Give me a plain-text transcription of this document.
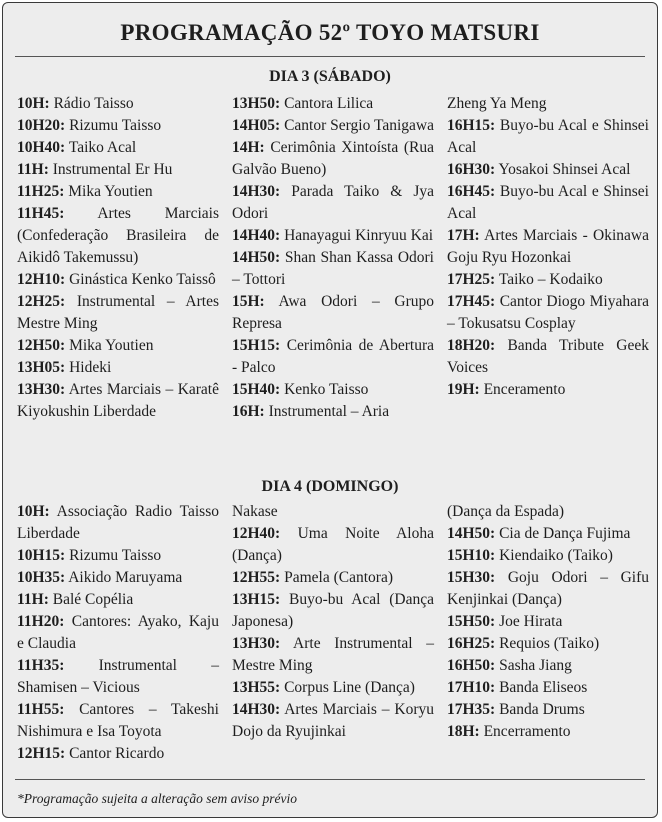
PROGRAMAÇÃO 52º TOYO MATSURI
DIA 3 (SÁBADO)
10H: Rádio Taisso
10H20: Rizumu Taisso
10H40: Taiko Acal
11H: Instrumental Er Hu
11H25: Mika Youtien
11H45: Artes Marciais (Confederação Brasileira de Aikidô Takemussu)
12H10: Ginástica Kenko Taissô
12H25: Instrumental – Artes Mestre Ming
12H50: Mika Youtien
13H05: Hideki
13H30: Artes Marciais – Karatê Kiyokushin Liberdade
13H50: Cantora Lilica
14H05: Cantor Sergio Tanigawa
14H: Cerimônia Xintoísta (Rua Galvão Bueno)
14H30: Parada Taiko & Jya Odori
14H40: Hanayagui Kinryuu Kai
14H50: Shan Shan Kassa Odori – Tottori
15H: Awa Odori – Grupo Represa
15H15: Cerimônia de Abertura - Palco
15H40: Kenko Taisso
16H: Instrumental – Aria
Zheng Ya Meng
16H15: Buyo-bu Acal e Shinsei Acal
16H30: Yosakoi Shinsei Acal
16H45: Buyo-bu Acal e Shinsei Acal
17H: Artes Marciais - Okinawa Goju Ryu Hozonkai
17H25: Taiko – Kodaiko
17H45: Cantor Diogo Miyahara – Tokusatsu Cosplay
18H20: Banda Tribute Geek Voices
19H: Enceramento
DIA 4 (DOMINGO)
10H: Associação Radio Taisso Liberdade
10H15: Rizumu Taisso
10H35: Aikido Maruyama
11H: Balé Copélia
11H20: Cantores: Ayako, Kaju e Claudia
11H35: Instrumental – Shamisen – Vicious
11H55: Cantores – Takeshi Nishimura e Isa Toyota
12H15: Cantor Ricardo
Nakase
12H40: Uma Noite Aloha (Dança)
12H55: Pamela (Cantora)
13H15: Buyo-bu Acal (Dança Japonesa)
13H30: Arte Instrumental – Mestre Ming
13H55: Corpus Line (Dança)
14H30: Artes Marciais – Koryu Dojo da Ryujinkai
(Dança da Espada)
14H50: Cia de Dança Fujima
15H10: Kiendaiko (Taiko)
15H30: Goju Odori – Gifu Kenjinkai (Dança)
15H50: Joe Hirata
16H25: Requios (Taiko)
16H50: Sasha Jiang
17H10: Banda Eliseos
17H35: Banda Drums
18H: Encerramento
*Programação sujeita a alteração sem aviso prévio
